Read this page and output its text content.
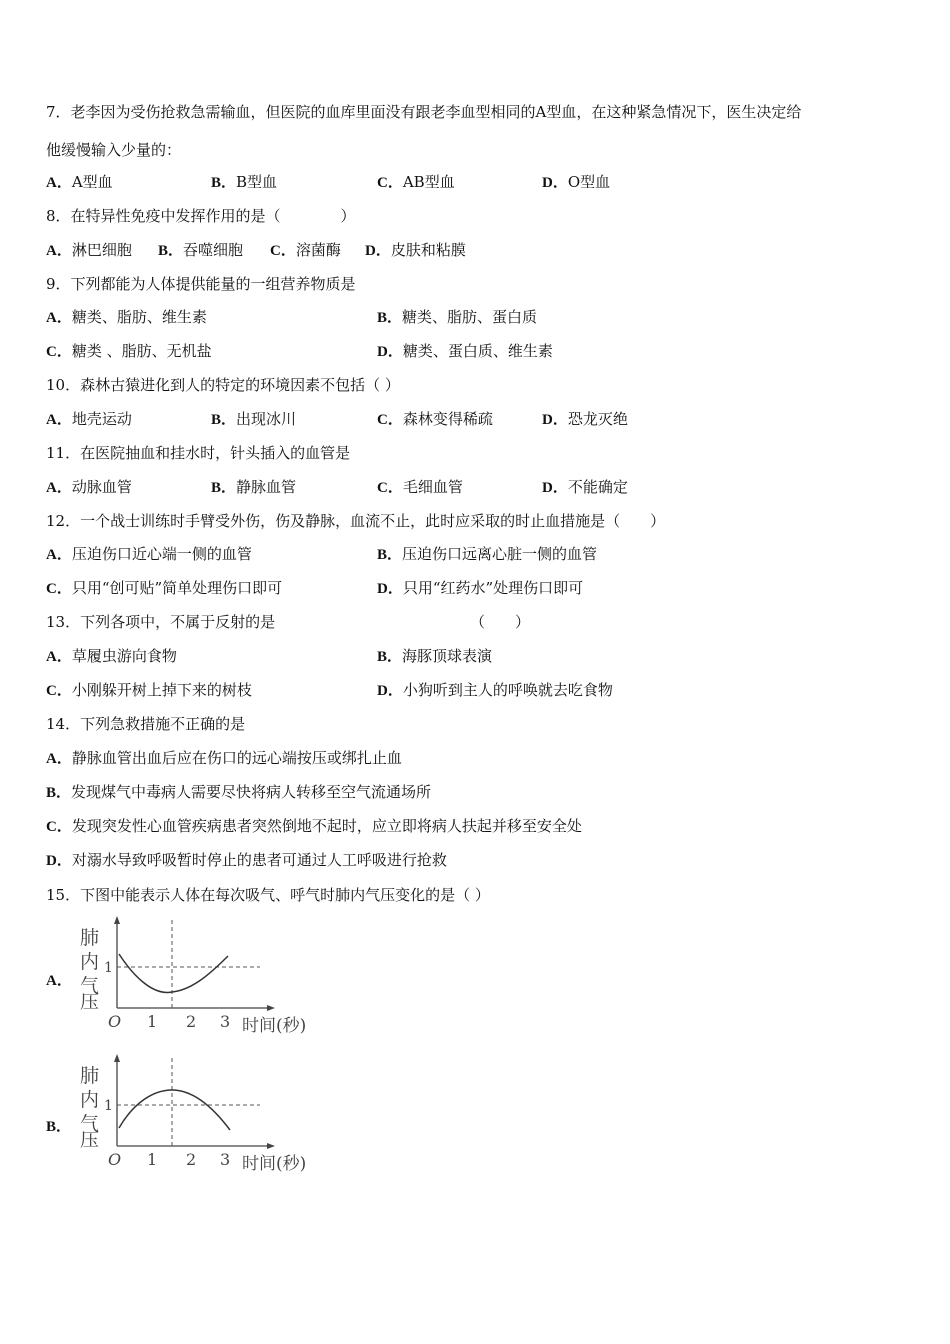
7．老李因为受伤抢救急需输血，但医院的血库里面没有跟老李血型相同的A型血，在这种紧急情况下，医生决定给
他缓慢输入少量的：
A．A型血	B．B型血	C．AB型血	D．O型血
8．在特异性免疫中发挥作用的是（　　　　）
A．淋巴细胞 B．吞噬细胞 C．溶菌酶 D．皮肤和粘膜
9．下列都能为人体提供能量的一组营养物质是
A．糖类、脂肪、维生素	B．糖类、脂肪、蛋白质
C．糖类 、脂肪、无机盐	D．糖类、蛋白质、维生素
10．森林古猿进化到人的特定的环境因素不包括（ ）
A．地壳运动	B．出现冰川	C．森林变得稀疏	D．恐龙灭绝
11．在医院抽血和挂水时，针头插入的血管是
A．动脉血管	B．静脉血管	C．毛细血管	D．不能确定
12．一个战士训练时手臂受外伤，伤及静脉，血流不止，此时应采取的时止血措施是（　　）
A．压迫伤口近心端一侧的血管	B．压迫伤口远离心脏一侧的血管
C．只用“创可贴”简单处理伤口即可	D．只用“红药水”处理伤口即可
13．下列各项中，不属于反射的是	（　　）
A．草履虫游向食物	B．海豚顶球表演
C．小刚躲开树上掉下来的树枝	D．小狗听到主人的呼唤就去吃食物
14．下列急救措施不正确的是
A．静脉血管出血后应在伤口的远心端按压或绑扎止血
B．发现煤气中毒病人需要尽快将病人转移至空气流通场所
C．发现突发性心血管疾病患者突然倒地不起时，应立即将病人扶起并移至安全处
D．对溺水导致呼吸暂时停止的患者可通过人工呼吸进行抢救
15．下图中能表示人体在每次吸气、呼气时肺内气压变化的是（ ）
A．
肺
内
气
压
1
O 1 2 3 时间(秒)
B．
肺
内
气
压
1
O 1 2 3 时间(秒)
